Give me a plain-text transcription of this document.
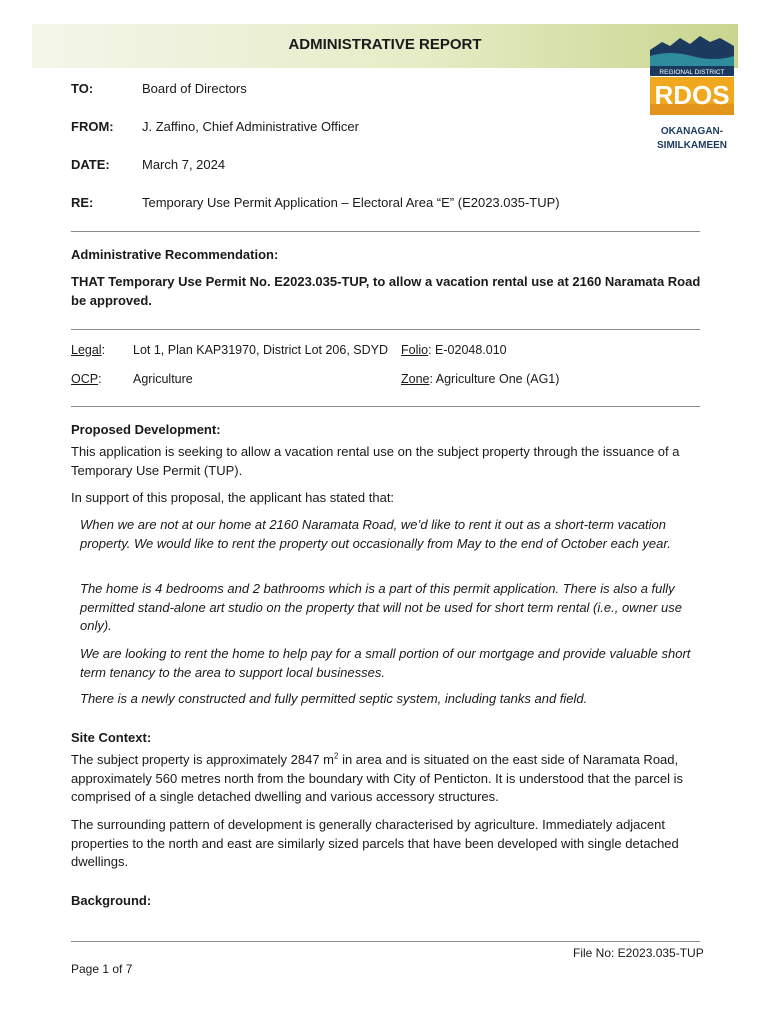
ADMINISTRATIVE REPORT
REGIONAL DISTRICT
RDOS
OKANAGAN-
SIMILKAMEEN
TO:	Board of Directors
FROM: J. Zaffino, Chief Administrative Officer
DATE: March 7, 2024
RE:	Temporary Use Permit Application – Electoral Area “E” (E2023.035-TUP)
Administrative Recommendation:
THAT Temporary Use Permit No. E2023.035-TUP, to allow a vacation rental use at 2160 Naramata Road be approved.
Legal: Lot 1, Plan KAP31970, District Lot 206, SDYD Folio: E-02048.010
OCP:	Agriculture	Zone: Agriculture One (AG1)
Proposed Development:
This application is seeking to allow a vacation rental use on the subject property through the issuance of a Temporary Use Permit (TUP).
In support of this proposal, the applicant has stated that:
When we are not at our home at 2160 Naramata Road, we’d like to rent it out as a short-term vacation property. We would like to rent the property out occasionally from May to the end of October each year.
The home is 4 bedrooms and 2 bathrooms which is a part of this permit application. There is also a fully permitted stand-alone art studio on the property that will not be used for short term rental (i.e., owner use only).
We are looking to rent the home to help pay for a small portion of our mortgage and provide valuable short term tenancy to the area to support local businesses.
There is a newly constructed and fully permitted septic system, including tanks and field.
Site Context:
The subject property is approximately 2847 $m^2$ in area and is situated on the east side of Naramata Road, approximately 560 metres north from the boundary with City of Penticton. It is understood that the parcel is comprised of a single detached dwelling and various accessory structures.
The surrounding pattern of development is generally characterised by agriculture. Immediately adjacent properties to the north and east are similarly sized parcels that have been developed with single detached dwellings.
Background:
File No: E2023.035-TUP
Page 1 of 7
